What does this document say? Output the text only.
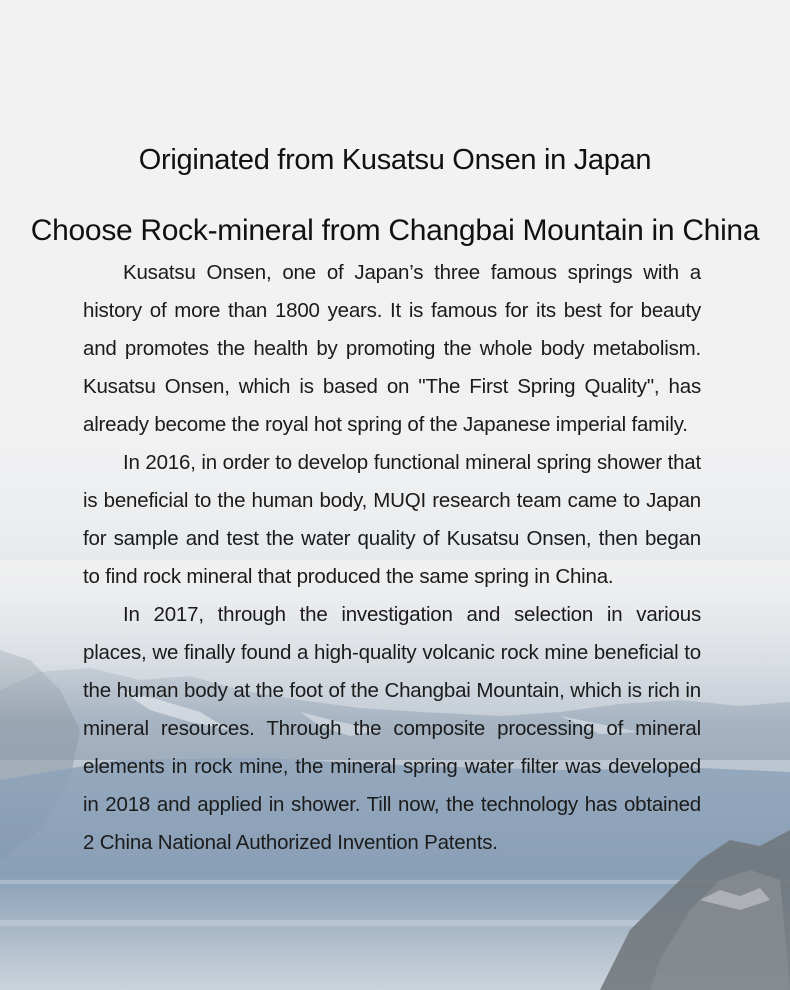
Originated from Kusatsu Onsen in Japan
Choose Rock-mineral from Changbai Mountain in China

Kusatsu Onsen, one of Japan’s three famous springs with a history of more than 1800 years. It is famous for its best for beauty and promotes the health by promoting the whole body metabolism. Kusatsu Onsen, which is based on "The First Spring Quality", has already become the royal hot spring of the Japanese imperial family.

In 2016, in order to develop functional mineral spring shower that is beneficial to the human body, MUQI research team came to Japan for sample and test the water quality of Kusatsu Onsen, then began to find rock mineral that produced the same spring in China.

In 2017, through the investigation and selection in various places, we finally found a high-quality volcanic rock mine beneficial to the human body at the foot of the Changbai Mountain, which is rich in mineral resources. Through the composite processing of mineral elements in rock mine, the mineral spring water filter was developed in 2018 and applied in shower. Till now, the technology has obtained 2 China National Authorized Invention Patents.
